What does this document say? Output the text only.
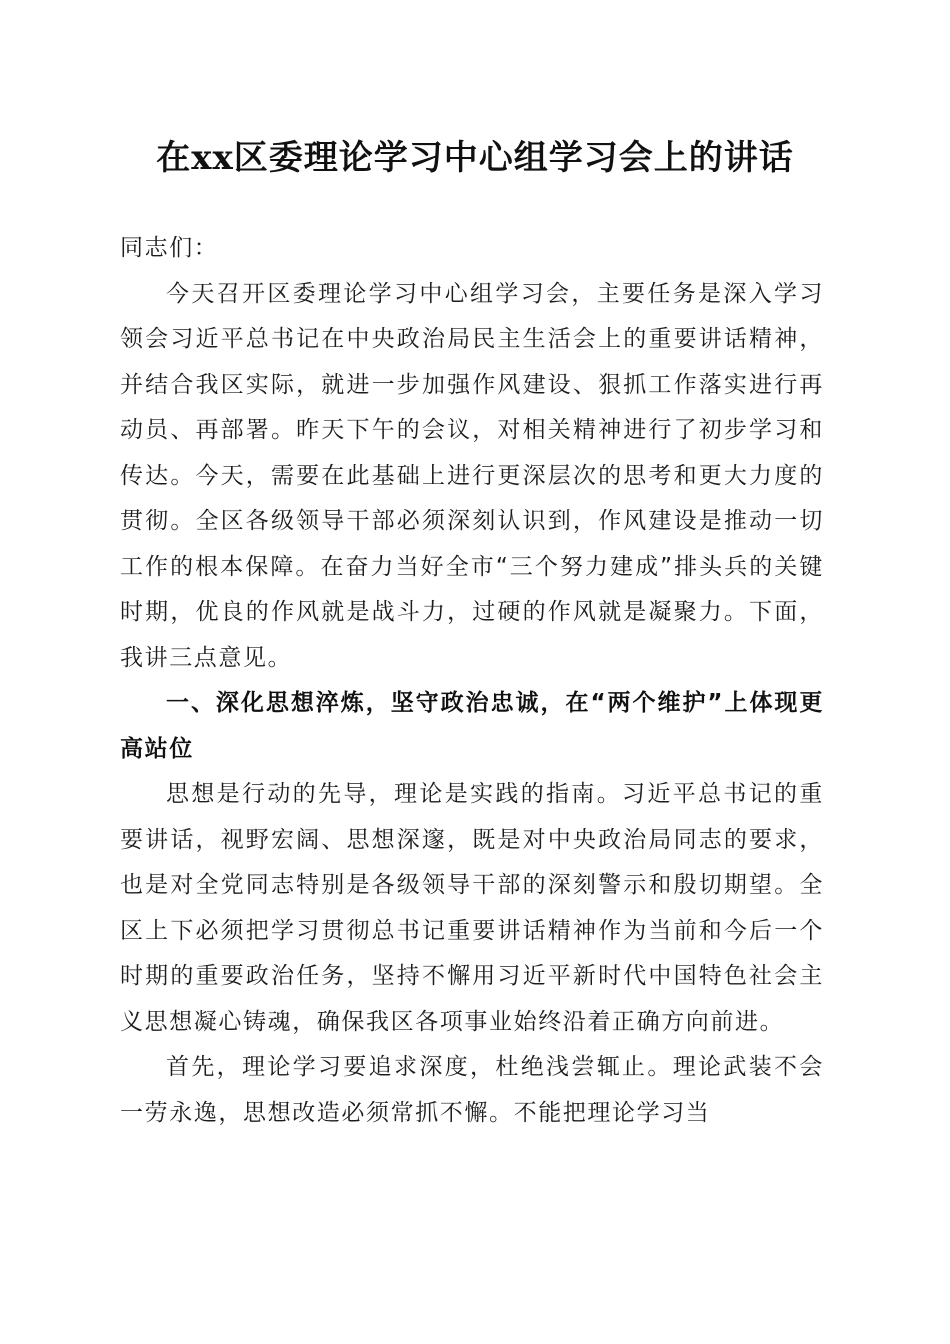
在xx区委理论学习中心组学习会上的讲话

同志们：

今天召开区委理论学习中心组学习会，主要任务是深入学习领会习近平总书记在中央政治局民主生活会上的重要讲话精神，并结合我区实际，就进一步加强作风建设、狠抓工作落实进行再动员、再部署。昨天下午的会议，对相关精神进行了初步学习和传达。今天，需要在此基础上进行更深层次的思考和更大力度的贯彻。全区各级领导干部必须深刻认识到，作风建设是推动一切工作的根本保障。在奋力当好全市“三个努力建成”排头兵的关键时期，优良的作风就是战斗力，过硬的作风就是凝聚力。下面，我讲三点意见。

一、深化思想淬炼，坚守政治忠诚，在“两个维护”上体现更高站位

思想是行动的先导，理论是实践的指南。习近平总书记的重要讲话，视野宏阔、思想深邃，既是对中央政治局同志的要求，也是对全党同志特别是各级领导干部的深刻警示和殷切期望。全区上下必须把学习贯彻总书记重要讲话精神作为当前和今后一个时期的重要政治任务，坚持不懈用习近平新时代中国特色社会主义思想凝心铸魂，确保我区各项事业始终沿着正确方向前进。

首先，理论学习要追求深度，杜绝浅尝辄止。理论武装不会一劳永逸，思想改造必须常抓不懈。不能把理论学习当
